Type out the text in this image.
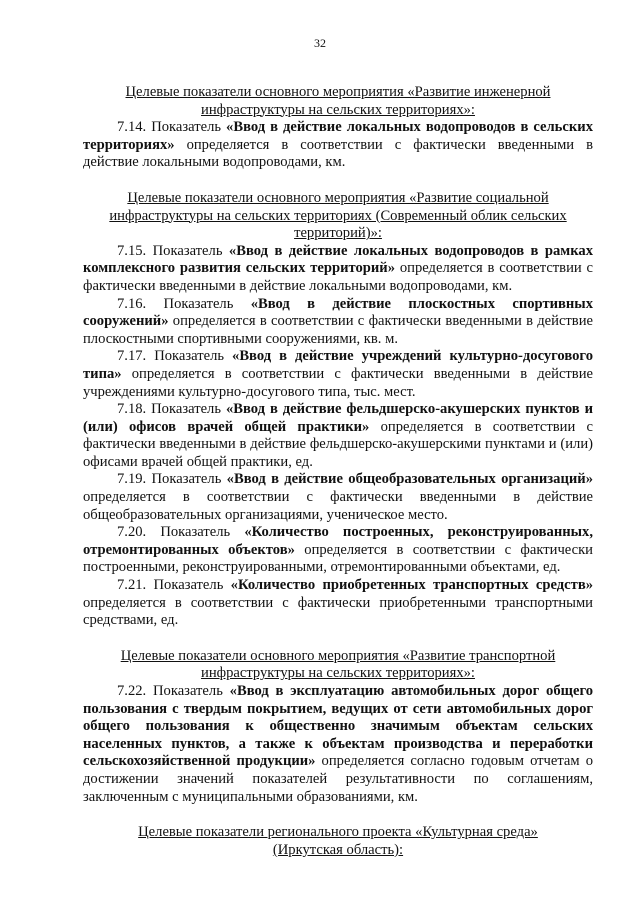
32

Целевые показатели основного мероприятия «Развитие инженерной
инфраструктуры на сельских территориях»:

7.14. Показатель «Ввод в действие локальных водопроводов в сельских территориях» определяется в соответствии с фактически введенными в действие локальными водопроводами, км.

Целевые показатели основного мероприятия «Развитие социальной
инфраструктуры на сельских территориях (Современный облик сельских
территорий)»:

7.15. Показатель «Ввод в действие локальных водопроводов в рамках комплексного развития сельских территорий» определяется в соответствии с фактически введенными в действие локальными водопроводами, км.

7.16. Показатель «Ввод в действие плоскостных спортивных сооружений» определяется в соответствии с фактически введенными в действие плоскостными спортивными сооружениями, кв. м.

7.17. Показатель «Ввод в действие учреждений культурно-досугового типа» определяется в соответствии с фактически введенными в действие учреждениями культурно-досугового типа, тыс. мест.

7.18. Показатель «Ввод в действие фельдшерско-акушерских пунктов и (или) офисов врачей общей практики» определяется в соответствии с фактически введенными в действие фельдшерско-акушерскими пунктами и (или) офисами врачей общей практики, ед.

7.19. Показатель «Ввод в действие общеобразовательных организаций» определяется в соответствии с фактически введенными в действие общеобразовательных организациями, ученическое место.

7.20. Показатель «Количество построенных, реконструированных, отремонтированных объектов» определяется в соответствии с фактически построенными, реконструированными, отремонтированными объектами, ед.

7.21. Показатель «Количество приобретенных транспортных средств» определяется в соответствии с фактически приобретенными транспортными средствами, ед.

Целевые показатели основного мероприятия «Развитие транспортной
инфраструктуры на сельских территориях»:

7.22. Показатель «Ввод в эксплуатацию автомобильных дорог общего пользования с твердым покрытием, ведущих от сети автомобильных дорог общего пользования к общественно значимым объектам сельских населенных пунктов, а также к объектам производства и переработки сельскохозяйственной продукции» определяется согласно годовым отчетам о достижении значений показателей результативности по соглашениям, заключенным с муниципальными образованиями, км.

Целевые показатели регионального проекта «Культурная среда»
(Иркутская область):
